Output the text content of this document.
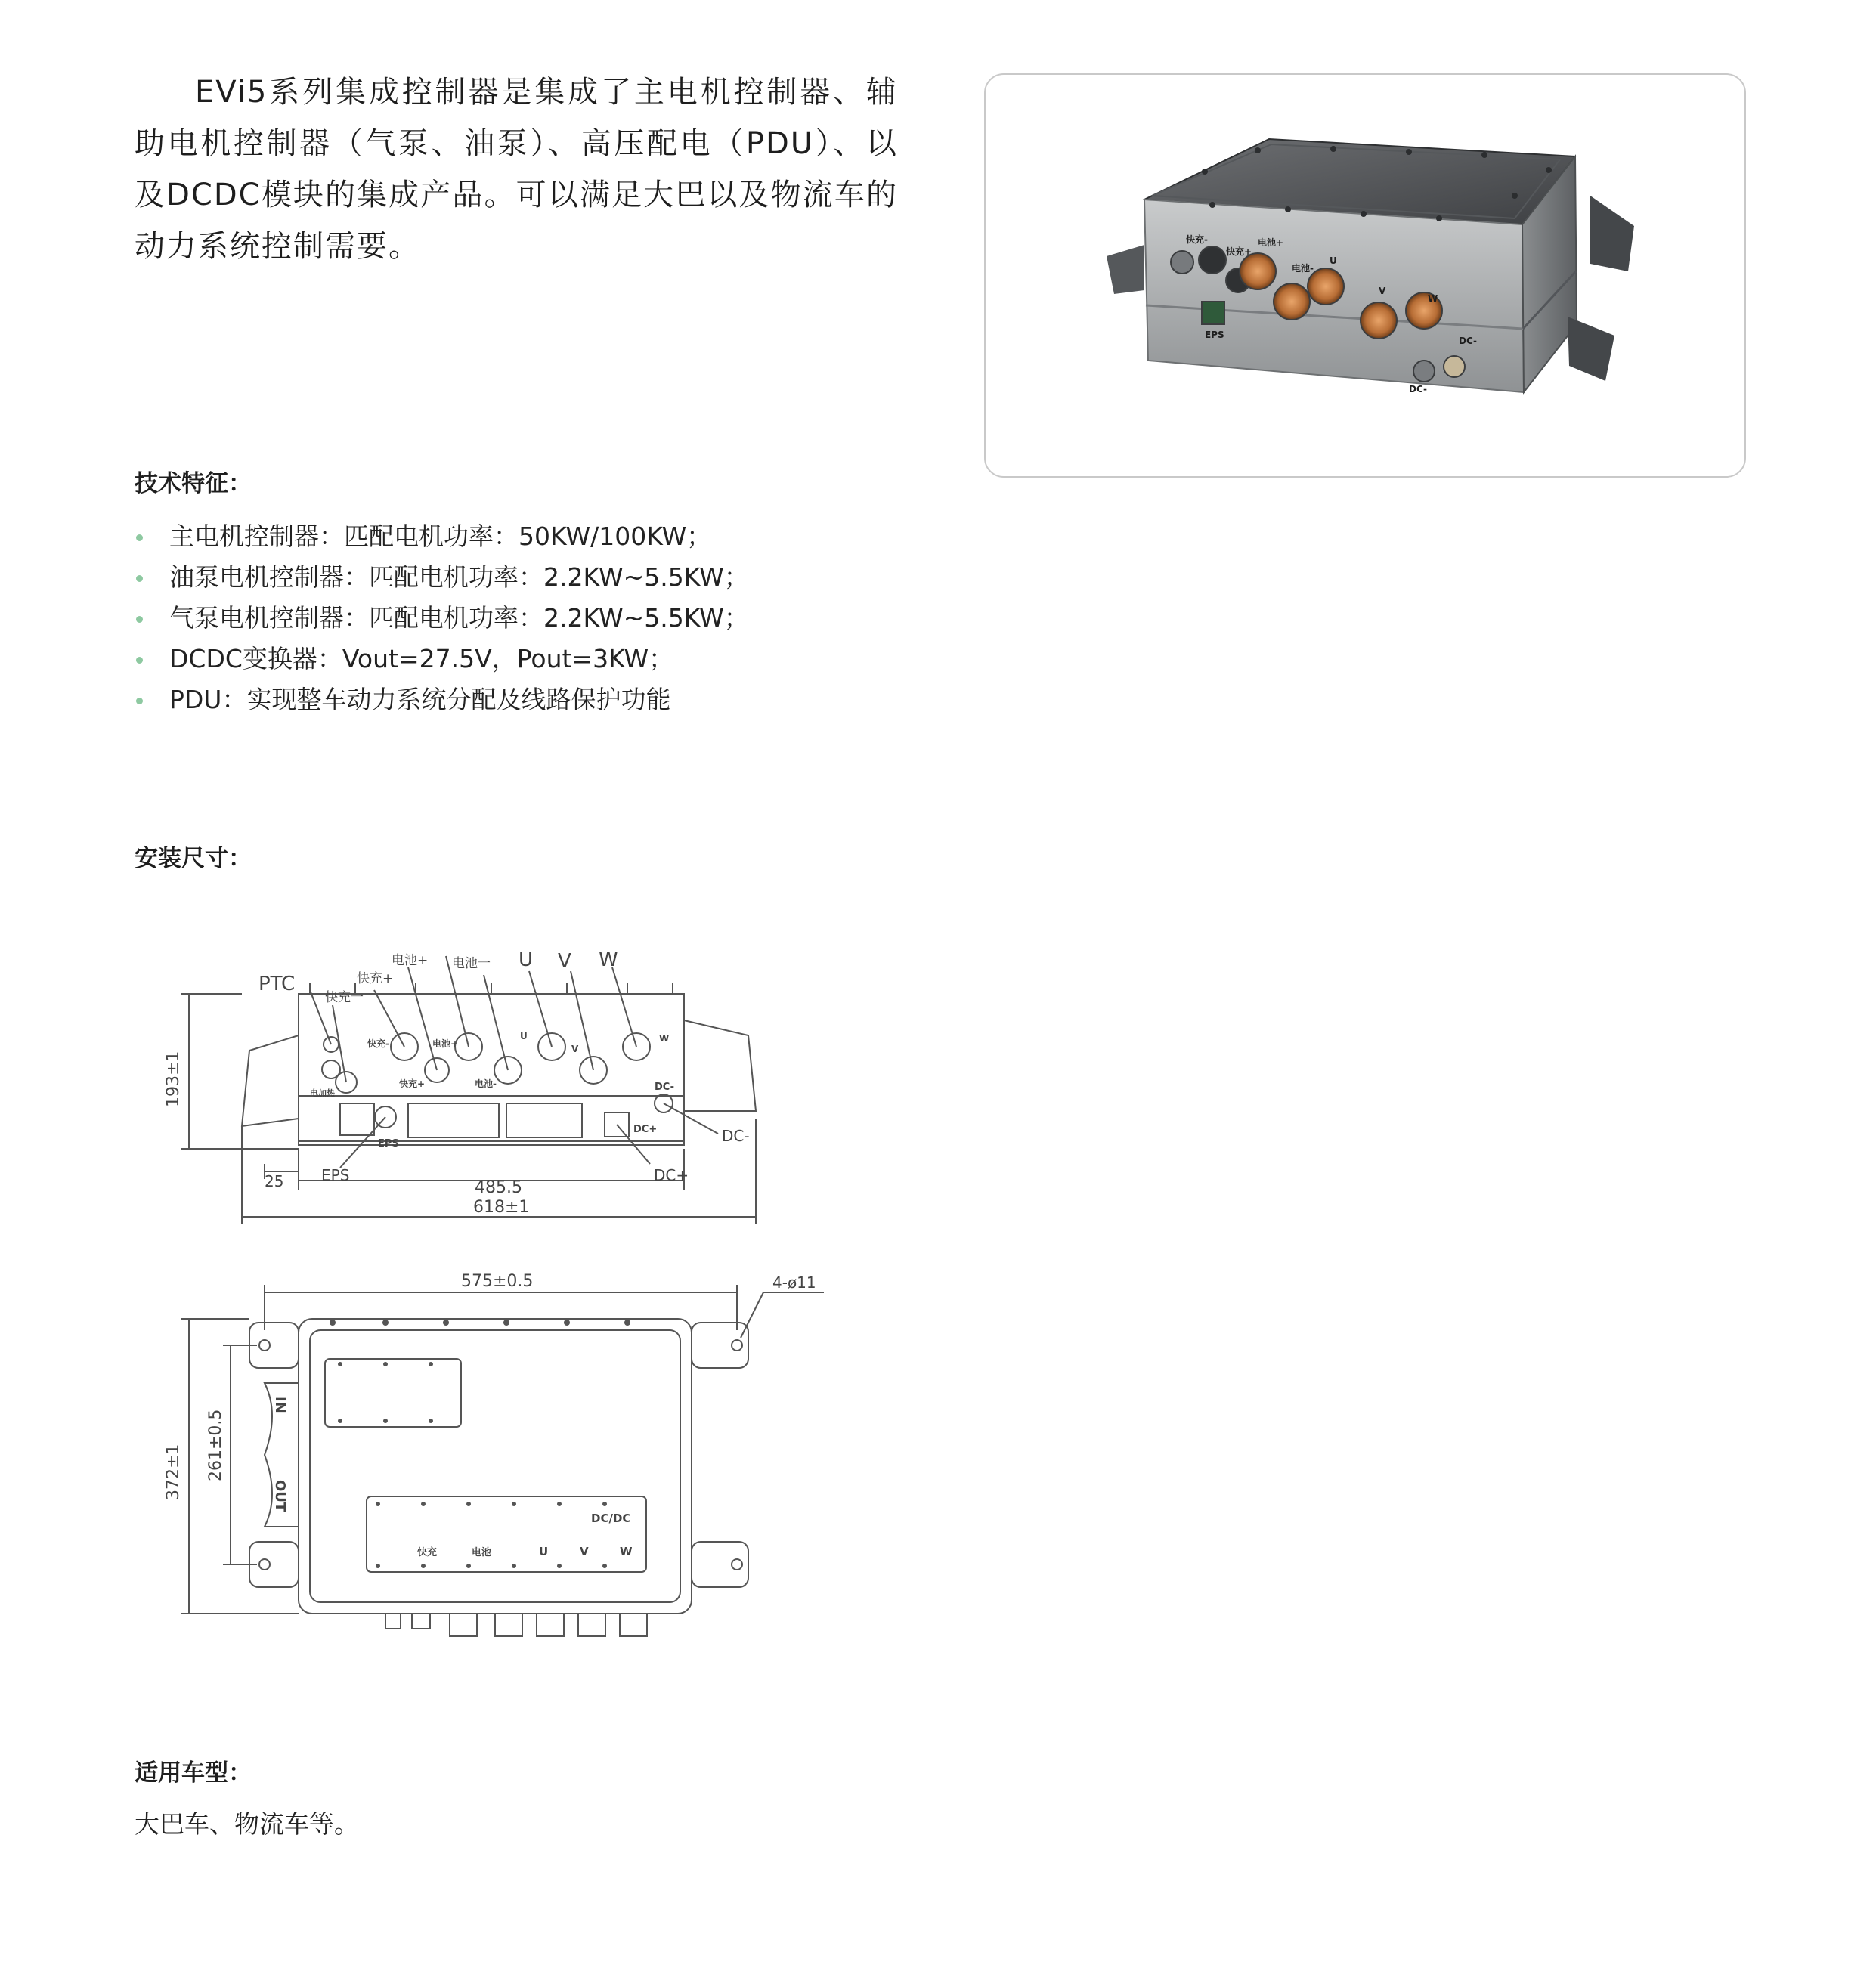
EVi5系列集成控制器是集成了主电机控制器、辅助电机控制器（气泵、油泵）、高压配电（PDU）、以及DCDC模块的集成产品。可以满足大巴以及物流车的动力系统控制需要。	快充-
快充+
电池+
电池-
U
V
W
EPS
DC-
DC-

技术特征：

主电机控制器：匹配电机功率：50KW/100KW；
油泵电机控制器：匹配电机功率：2.2KW~5.5KW；
气泵电机控制器：匹配电机功率：2.2KW~5.5KW；
DCDC变换器：Vout=27.5V，Pout=3KW；
PDU：实现整车动力系统分配及线路保护功能

安装尺寸：

PTC
快充一
快充+
电池+ 电池一 U V W
快充-
快充+
电池+
电池-
U
V
W
电加热
EPS
DC-
DC+	DC-
DC+
EPS
193±1
25	485.5
618±1
575±0.5	4-ø11
372±1 261±0.5
IN
OUT
DC/DC
快充	电池	U	V	W

适用车型：

大巴车、物流车等。
